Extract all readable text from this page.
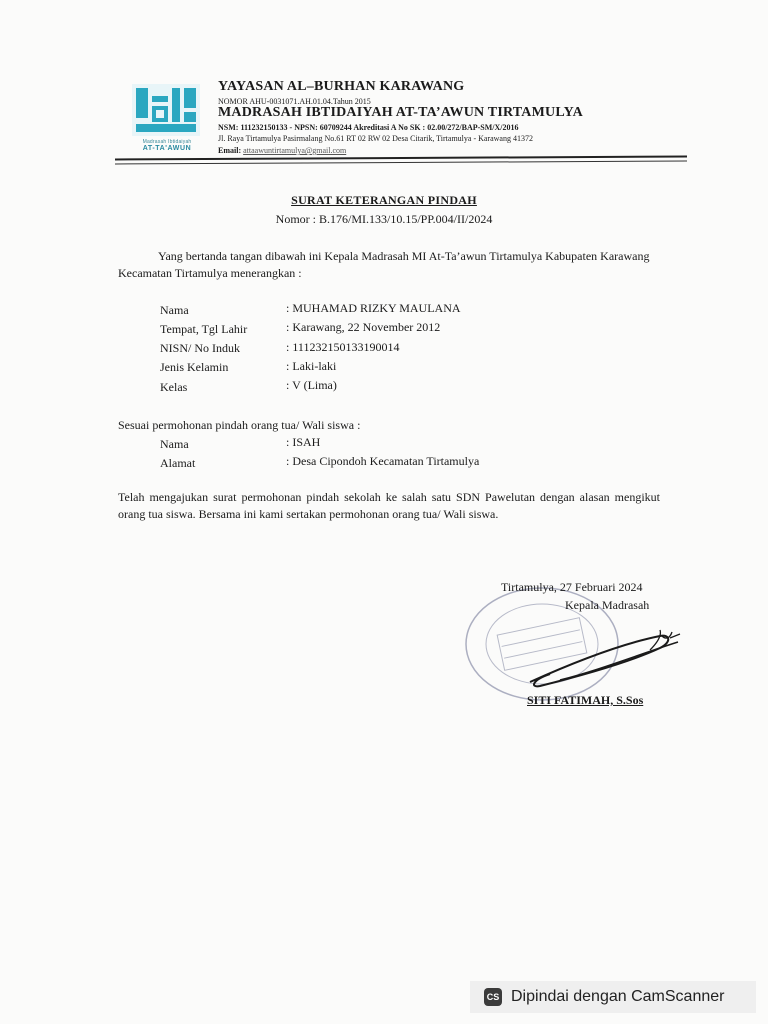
Madrasah Ibtidaiyah
AT-TA'AWUN
YAYASAN AL–BURHAN KARAWANG
NOMOR AHU-0031071.AH.01.04.Tahun 2015
MADRASAH IBTIDAIYAH AT-TA’AWUN TIRTAMULYA
NSM: 111232150133 - NPSN: 60709244 Akreditasi A No SK : 02.00/272/BAP-SM/X/2016
Jl. Raya Tirtamulya Pasirmalang No.61 RT 02 RW 02 Desa Citarik, Tirtamulya - Karawang 41372
Email: attaawuntirtamulya@gmail.com
SURAT KETERANGAN PINDAH
Nomor : B.176/MI.133/10.15/PP.004/II/2024
Yang bertanda tangan dibawah ini Kepala Madrasah MI At-Ta’awun Tirtamulya Kabupaten Karawang Kecamatan Tirtamulya menerangkan :
Nama	: MUHAMAD RIZKY MAULANA
Tempat, Tgl Lahir	: Karawang, 22 November 2012
NISN/ No Induk	: 111232150133190014
Jenis Kelamin	: Laki-laki
Kelas	: V (Lima)
Sesuai permohonan pindah orang tua/ Wali siswa :
Nama	: ISAH
Alamat	: Desa Cipondoh Kecamatan Tirtamulya
Telah mengajukan surat permohonan pindah sekolah ke salah satu SDN Pawelutan dengan alasan mengikut orang tua siswa. Bersama ini kami sertakan permohonan orang tua/ Wali siswa.
Tirtamulya, 27 Februari 2024
Kepala Madrasah
SITI FATIMAH, S.Sos
CS Dipindai dengan CamScanner
